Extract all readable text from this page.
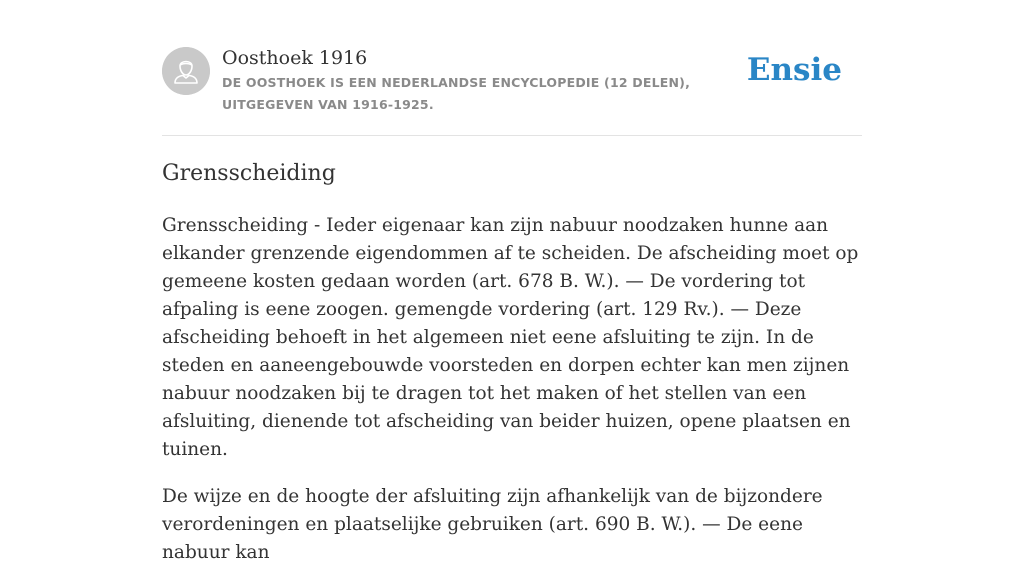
Oosthoek 1916
DE OOSTHOEK IS EEN NEDERLANDSE ENCYCLOPEDIE (12 DELEN), UITGEGEVEN VAN 1916-1925.
Ensie
Grensscheiding

Grensscheiding - Ieder eigenaar kan zijn nabuur noodzaken hunne aan elkander grenzende eigendommen af te scheiden. De afscheiding moet op gemeene kosten gedaan worden (art. 678 B. W.). — De vordering tot afpaling is eene zoogen. gemengde vordering (art. 129 Rv.). — Deze afscheiding behoeft in het algemeen niet eene afsluiting te zijn. In de steden en aaneengebouwde voorsteden en dorpen echter kan men zijnen nabuur noodzaken bij te dragen tot het maken of het stellen van een afsluiting, dienende tot afscheiding van beider huizen, opene plaatsen en tuinen.

De wijze en de hoogte der afsluiting zijn afhankelijk van de bijzondere verordeningen en plaatselijke gebruiken (art. 690 B. W.). — De eene nabuur kan
